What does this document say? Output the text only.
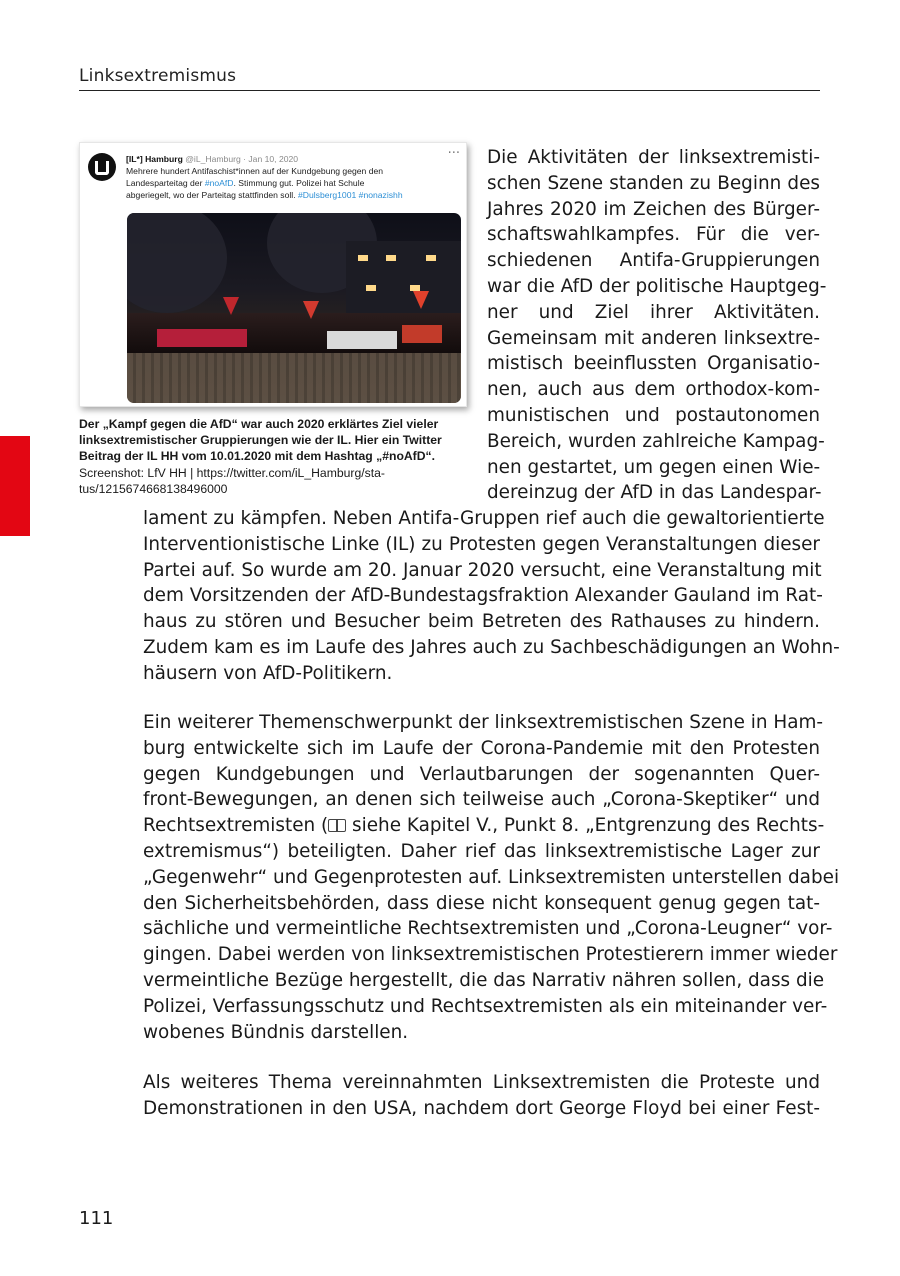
Linksextremismus
···
[IL*] Hamburg @iL_Hamburg · Jan 10, 2020
Mehrere hundert Antifaschist*innen auf der Kundgebung gegen den
Landesparteitag der #noAfD. Stimmung gut. Polizei hat Schule
abgeriegelt, wo der Parteitag stattfinden soll. #Dulsberg1001 #nonazishh
Der „Kampf gegen die AfD“ war auch 2020 erklärtes Ziel vieler
linksextremistischer Gruppierungen wie der IL. Hier ein Twitter
Beitrag der IL HH vom 10.01.2020 mit dem Hashtag „#noAfD“.
Screenshot: LfV HH | https://twitter.com/iL_Hamburg/sta-
tus/1215674668138496000
Die Aktivitäten der linksextremisti-
schen Szene standen zu Beginn des
Jahres 2020 im Zeichen des Bürger-
schaftswahlkampfes. Für die ver-
schiedenen Antifa-Gruppierungen
war die AfD der politische Hauptgeg-
ner und Ziel ihrer Aktivitäten.
Gemeinsam mit anderen linksextre-
mistisch beeinflussten Organisatio-
nen, auch aus dem orthodox-kom-
munistischen und postautonomen
Bereich, wurden zahlreiche Kampag-
nen gestartet, um gegen einen Wie-
dereinzug der AfD in das Landespar-
lament zu kämpfen. Neben Antifa-Gruppen rief auch die gewaltorientierte
Interventionistische Linke (IL) zu Protesten gegen Veranstaltungen dieser
Partei auf. So wurde am 20. Januar 2020 versucht, eine Veranstaltung mit
dem Vorsitzenden der AfD-Bundestagsfraktion Alexander Gauland im Rat-
haus zu stören und Besucher beim Betreten des Rathauses zu hindern.
Zudem kam es im Laufe des Jahres auch zu Sachbeschädigungen an Wohn-
häusern von AfD-Politikern.
Ein weiterer Themenschwerpunkt der linksextremistischen Szene in Ham-
burg entwickelte sich im Laufe der Corona-Pandemie mit den Protesten
gegen Kundgebungen und Verlautbarungen der sogenannten Quer-
front-Bewegungen, an denen sich teilweise auch „Corona-Skeptiker“ und
Rechtsextremisten ( siehe Kapitel V., Punkt 8. „Entgrenzung des Rechts-
extremismus“) beteiligten. Daher rief das linksextremistische Lager zur
„Gegenwehr“ und Gegenprotesten auf. Linksextremisten unterstellen dabei
den Sicherheitsbehörden, dass diese nicht konsequent genug gegen tat-
sächliche und vermeintliche Rechtsextremisten und „Corona-Leugner“ vor-
gingen. Dabei werden von linksextremistischen Protestierern immer wieder
vermeintliche Bezüge hergestellt, die das Narrativ nähren sollen, dass die
Polizei, Verfassungsschutz und Rechtsextremisten als ein miteinander ver-
wobenes Bündnis darstellen.
Als weiteres Thema vereinnahmten Linksextremisten die Proteste und
Demonstrationen in den USA, nachdem dort George Floyd bei einer Fest-
111
